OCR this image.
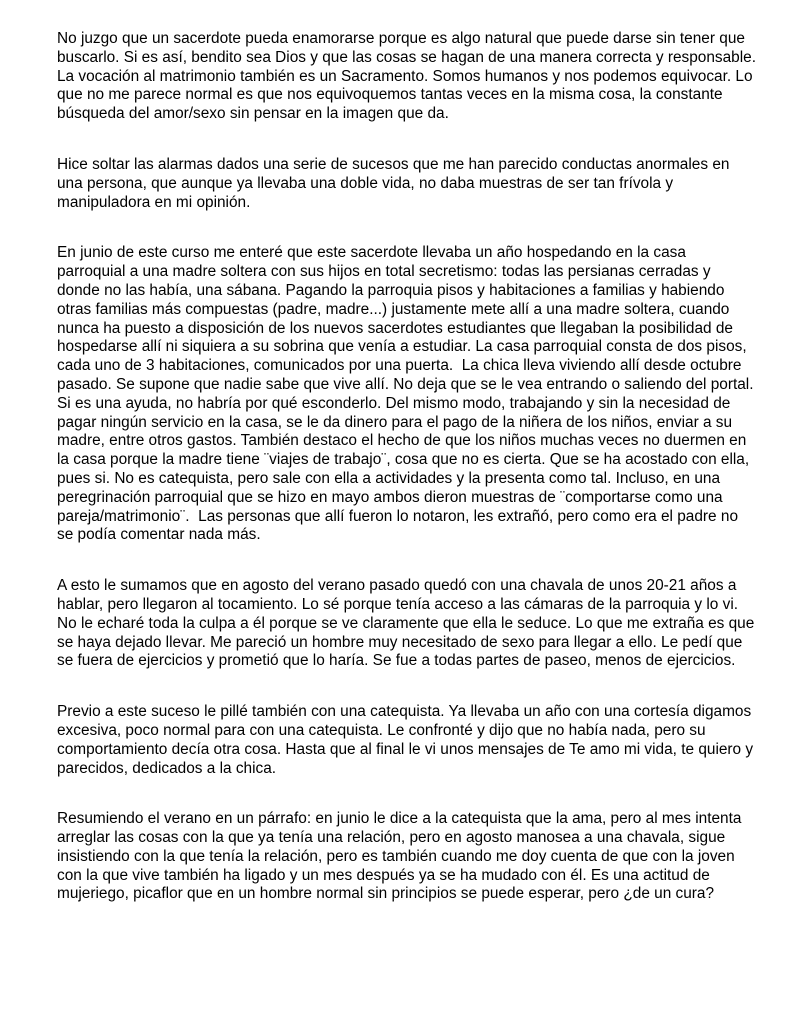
No juzgo que un sacerdote pueda enamorarse porque es algo natural que puede darse sin tener que buscarlo. Si es así, bendito sea Dios y que las cosas se hagan de una manera correcta y responsable. La vocación al matrimonio también es un Sacramento. Somos humanos y nos podemos equivocar. Lo que no me parece normal es que nos equivoquemos tantas veces en la misma cosa, la constante búsqueda del amor/sexo sin pensar en la imagen que da.

Hice soltar las alarmas dados una serie de sucesos que me han parecido conductas anormales en una persona, que aunque ya llevaba una doble vida, no daba muestras de ser tan frívola y manipuladora en mi opinión.

En junio de este curso me enteré que este sacerdote llevaba un año hospedando en la casa parroquial a una madre soltera con sus hijos en total secretismo: todas las persianas cerradas y donde no las había, una sábana. Pagando la parroquia pisos y habitaciones a familias y habiendo otras familias más compuestas (padre, madre...) justamente mete allí a una madre soltera, cuando nunca ha puesto a disposición de los nuevos sacerdotes estudiantes que llegaban la posibilidad de hospedarse allí ni siquiera a su sobrina que venía a estudiar. La casa parroquial consta de dos pisos, cada uno de 3 habitaciones, comunicados por una puerta.  La chica lleva viviendo allí desde octubre pasado. Se supone que nadie sabe que vive allí. No deja que se le vea entrando o saliendo del portal. Si es una ayuda, no habría por qué esconderlo. Del mismo modo, trabajando y sin la necesidad de pagar ningún servicio en la casa, se le da dinero para el pago de la niñera de los niños, enviar a su madre, entre otros gastos. También destaco el hecho de que los niños muchas veces no duermen en la casa porque la madre tiene ¨viajes de trabajo¨, cosa que no es cierta. Que se ha acostado con ella, pues si. No es catequista, pero sale con ella a actividades y la presenta como tal. Incluso, en una peregrinación parroquial que se hizo en mayo ambos dieron muestras de ¨comportarse como una pareja/matrimonio¨.  Las personas que allí fueron lo notaron, les extrañó, pero como era el padre no se podía comentar nada más.

A esto le sumamos que en agosto del verano pasado quedó con una chavala de unos 20-21 años a hablar, pero llegaron al tocamiento. Lo sé porque tenía acceso a las cámaras de la parroquia y lo vi. No le echaré toda la culpa a él porque se ve claramente que ella le seduce. Lo que me extraña es que se haya dejado llevar. Me pareció un hombre muy necesitado de sexo para llegar a ello. Le pedí que se fuera de ejercicios y prometió que lo haría. Se fue a todas partes de paseo, menos de ejercicios.

Previo a este suceso le pillé también con una catequista. Ya llevaba un año con una cortesía digamos excesiva, poco normal para con una catequista. Le confronté y dijo que no había nada, pero su comportamiento decía otra cosa. Hasta que al final le vi unos mensajes de Te amo mi vida, te quiero y parecidos, dedicados a la chica.

Resumiendo el verano en un párrafo: en junio le dice a la catequista que la ama, pero al mes intenta arreglar las cosas con la que ya tenía una relación, pero en agosto manosea a una chavala, sigue insistiendo con la que tenía la relación, pero es también cuando me doy cuenta de que con la joven con la que vive también ha ligado y un mes después ya se ha mudado con él. Es una actitud de mujeriego, picaflor que en un hombre normal sin principios se puede esperar, pero ¿de un cura?
